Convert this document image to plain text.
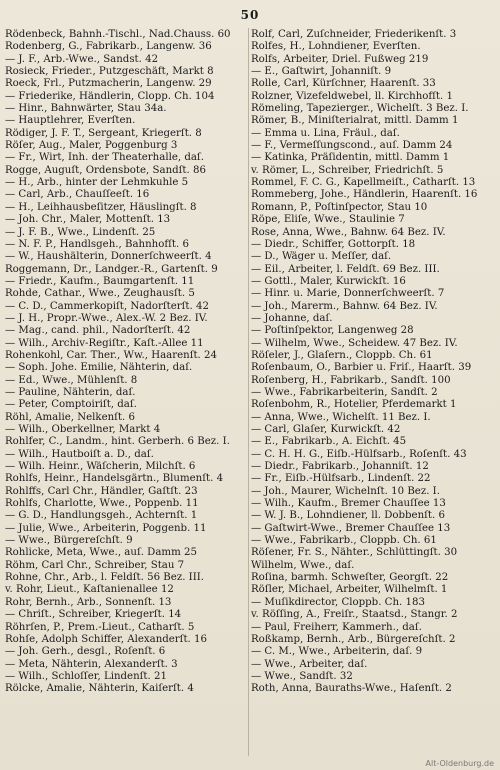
50
Rödenbeck, Bahnh.-Tischl., Nad.Chauss. 60
Rodenberg, G., Fabrikarb., Langenw. 36
— J. F., Arb.-Wwe., Sandst. 42
Rosieck, Frieder., Putzgeschäft, Markt 8
Roeck, Frl., Putzmacherin, Langenw. 29
— Friederike, Händlerin, Clopp. Ch. 104
— Hinr., Bahnwärter, Stau 34a.
— Hauptlehrer, Everſten.
Rödiger, J. F. T., Sergeant, Kriegerſt. 8
Röſer, Aug., Maler, Poggenburg 3
— Fr., Wirt, Inh. der Theaterhalle, daſ.
Rogge, Auguſt, Ordensbote, Sandſt. 86
— H., Arb., hinter der Lehmkuhle 5
— Carl, Arb., Chauſſeeſt. 16
— H., Leihhausbeſitzer, Häuslingſt. 8
— Joh. Chr., Maler, Mottenſt. 13
— J. F. B., Wwe., Lindenſt. 25
— N. F. P., Handlsgeh., Bahnhofſt. 6
— W., Haushälterin, Donnerſchweerſt. 4
Roggemann, Dr., Landger.-R., Gartenſt. 9
— Friedr., Kaufm., Baumgartenſt. 11
Rohde, Cathar., Wwe., Zeughausſt. 5
— C. D., Cammerkopiſt, Nadorſterſt. 42
— J. H., Propr.-Wwe., Alex.-W. 2 Bez. IV.
— Mag., cand. phil., Nadorſterſt. 42
— Wilh., Archiv-Regiſtr., Kaſt.-Allee 11
Rohenkohl, Car. Ther., Ww., Haarenſt. 24
— Soph. Johe. Emilie, Nähterin, daſ.
— Ed., Wwe., Mühlenſt. 8
— Pauline, Nähterin, daſ.
— Peter, Comptoiriſt, daſ.
Röhl, Amalie, Nelkenſt. 6
— Wilh., Oberkellner, Markt 4
Rohlfer, C., Landm., hint. Gerberh. 6 Bez. I.
— Wilh., Hautboiſt a. D., daſ.
— Wilh. Heinr., Wäſcherin, Milchſt. 6
Rohlfs, Heinr., Handelsgärtn., Blumenſt. 4
Rohlffs, Carl Chr., Händler, Gaſtſt. 23
Rohlfs, Charlotte, Wwe., Poppenb. 11
— G. D., Handlungsgeh., Achternſt. 1
— Julie, Wwe., Arbeiterin, Poggenb. 11
— Wwe., Bürgereſchſt. 9
Rohlicke, Meta, Wwe., auſ. Damm 25
Röhm, Carl Chr., Schreiber, Stau 7
Rohne, Chr., Arb., l. Feldſt. 56 Bez. III.
v. Rohr, Lieut., Kaſtanienallee 12
Rohr, Bernh., Arb., Sonnenſt. 13
— Chriſt., Schreiber, Kriegerſt. 14
Röhrſen, P., Prem.-Lieut., Catharſt. 5
Rohſe, Adolph Schiffer, Alexanderſt. 16
— Joh. Gerh., desgl., Roſenſt. 6
— Meta, Nähterin, Alexanderſt. 3
— Wilh., Schloſſer, Lindenſt. 21
Rölcke, Amalie, Nähterin, Kaiſerſt. 4
Rolf, Carl, Zuſchneider, Friederikenſt. 3
Rolfes, H., Lohndiener, Everſten.
Rolfs, Arbeiter, Driel. Fußweg 219
— E., Gaſtwirt, Johanniſt. 9
Rolle, Carl, Kürſchner, Haarenſt. 33
Rolzner, Vizefeldwebel, ll. Kirchhofſt. 1
Römeling, Tapezierger., Wichelſt. 3 Bez. I.
Römer, B., Miniſterialrat, mittl. Damm 1
— Emma u. Lina, Fräul., daſ.
— F., Vermeſſungscond., auſ. Damm 24
— Katinka, Präſidentin, mittl. Damm 1
v. Römer, L., Schreiber, Friedrichſt. 5
Rommel, F. C. G., Kapellmeiſt., Catharſt. 13
Rommeberg, Johe., Händlerin, Haarenſt. 16
Romann, P., Poſtinſpector, Stau 10
Röpe, Eliſe, Wwe., Staulinie 7
Rose, Anna, Wwe., Bahnw. 64 Bez. IV.
— Diedr., Schiffer, Gottorpſt. 18
— D., Wäger u. Meſſer, daſ.
— Eil., Arbeiter, l. Feldſt. 69 Bez. III.
— Gottl., Maler, Kurwickſt. 16
— Hinr. u. Marie, Donnerſchweerſt. 7
— Joh., Marerm., Bahnw. 64 Bez. IV.
— Johanne, daſ.
— Poſtinſpektor, Langenweg 28
— Wilhelm, Wwe., Scheidew. 47 Bez. IV.
Röſeler, J., Glaſern., Cloppb. Ch. 61
Roſenbaum, O., Barbier u. Friſ., Haarſt. 39
Roſenberg, H., Fabrikarb., Sandſt. 100
— Wwe., Fabrikarbeiterin, Sandſt. 2
Roſenbohm, R., Hotelier, Pferdemarkt 1
— Anna, Wwe., Wichelſt. 11 Bez. I.
— Carl, Glaſer, Kurwickſt. 42
— E., Fabrikarb., A. Eichſt. 45
— C. H. H. G., Eiſb.-Hülfsarb., Roſenſt. 43
— Diedr., Fabrikarb., Johanniſt. 12
— Fr., Eiſb.-Hülfsarb., Lindenſt. 22
— Joh., Maurer, Wichelnſt. 10 Bez. I.
— Wilh., Kaufm., Bremer Chauſſee 13
— W. J. B., Lohndiener, ll. Dobbenſt. 6
— Gaſtwirt-Wwe., Bremer Chauſſee 13
— Wwe., Fabrikarb., Cloppb. Ch. 61
Röſener, Fr. S., Nähter., Schlüttingſt. 30
Wilhelm, Wwe., daſ.
Roſina, barmh. Schweſter, Georgſt. 22
Röſler, Michael, Arbeiter, Wilhelmſt. 1
— Muſikdirector, Cloppb. Ch. 183
v. Röſſing, A., Freiſr., Staatsd., Stangr. 2
— Paul, Freiherr, Kammerh., daſ.
Roßkamp, Bernh., Arb., Bürgereſchſt. 2
— C. M., Wwe., Arbeiterin, daſ. 9
— Wwe., Arbeiter, daſ.
— Wwe., Sandſt. 32
Roth, Anna, Bauraths-Wwe., Haſenſt. 2
Alt-Oldenburg.de
